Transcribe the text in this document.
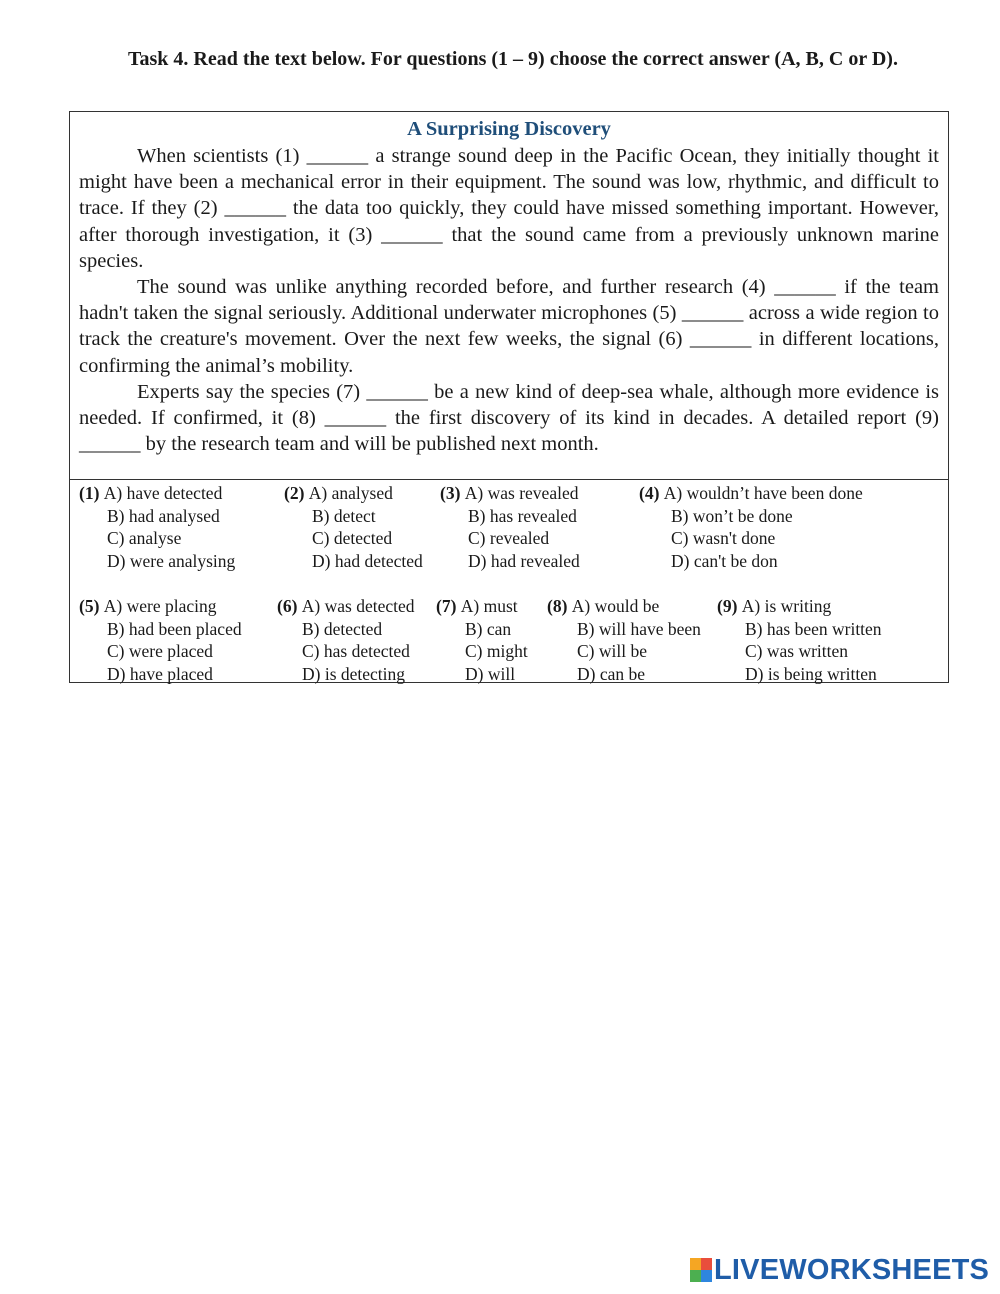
Task 4. Read the text below. For questions (1 – 9) choose the correct answer (A, B, C or D).
A Surprising Discovery

When scientists (1) ______ a strange sound deep in the Pacific Ocean, they initially thought it might have been a mechanical error in their equipment. The sound was low, rhythmic, and difficult to trace. If they (2) ______ the data too quickly, they could have missed something important. However, after thorough investigation, it (3) ______ that the sound came from a previously unknown marine species.

The sound was unlike anything recorded before, and further research (4) ______ if the team hadn't taken the signal seriously. Additional underwater microphones (5) ______ across a wide region to track the creature's movement. Over the next few weeks, the signal (6) ______ in different locations, confirming the animal’s mobility.

Experts say the species (7) ______ be a new kind of deep-sea whale, although more evidence is needed. If confirmed, it (8) ______ the first discovery of its kind in decades. A detailed report (9) ______ by the research team and will be published next month.

(1) A) have detected
B) had analysed
C) analyse
D) were analysing
(2) A) analysed
B) detect
C) detected
D) had detected
(3) A) was revealed
B) has revealed
C) revealed
D) had revealed
(4) A) wouldn’t have been done
B) won’t be done
C) wasn't done
D) can't be don
(5) A) were placing
B) had been placed
C) were placed
D) have placed
(6) A) was detected
B) detected
C) has detected
D) is detecting
(7) A) must
B) can
C) might
D) will
(8) A) would be
B) will have been
C) will be
D) can be
(9) A) is writing
B) has been written
C) was written
D) is being written
LIVEWORKSHEETS
